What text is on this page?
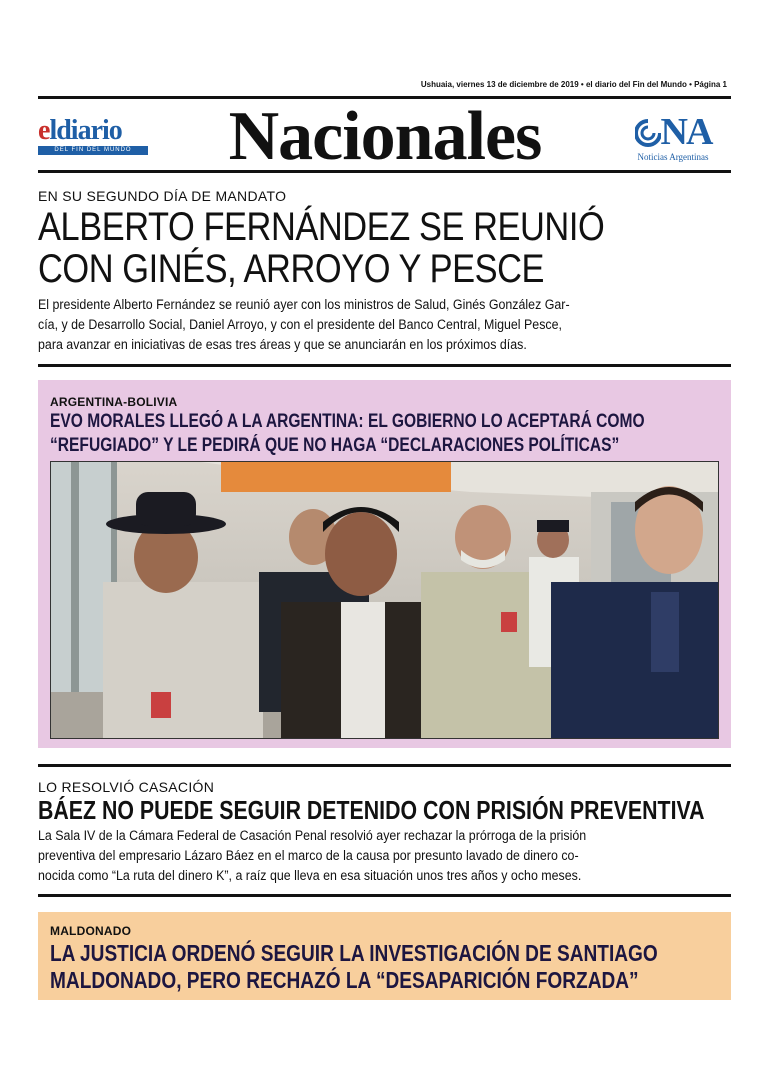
Ushuaia, viernes 13 de diciembre de 2019 • el diario del Fin del Mundo • Página 1
eldiario
DEL FIN DEL MUNDO	Nacionales	NA
Noticias Argentinas
EN SU SEGUNDO DÍA DE MANDATO
ALBERTO FERNÁNDEZ SE REUNIÓ
CON GINÉS, ARROYO Y PESCE
El presidente Alberto Fernández se reunió ayer con los ministros de Salud, Ginés González Gar-
cía, y de Desarrollo Social, Daniel Arroyo, y con el presidente del Banco Central, Miguel Pesce,
para avanzar en iniciativas de esas tres áreas y que se anunciarán en los próximos días.
ARGENTINA-BOLIVIA
EVO MORALES LLEGÓ A LA ARGENTINA: EL GOBIERNO LO ACEPTARÁ COMO
“REFUGIADO” Y LE PEDIRÁ QUE NO HAGA “DECLARACIONES POLÍTICAS”
LO RESOLVIÓ CASACIÓN
BÁEZ NO PUEDE SEGUIR DETENIDO CON PRISIÓN PREVENTIVA
La Sala IV de la Cámara Federal de Casación Penal resolvió ayer rechazar la prórroga de la prisión
preventiva del empresario Lázaro Báez en el marco de la causa por presunto lavado de dinero co-
nocida como “La ruta del dinero K”, a raíz que lleva en esa situación unos tres años y ocho meses.
MALDONADO
LA JUSTICIA ORDENÓ SEGUIR LA INVESTIGACIÓN DE SANTIAGO
MALDONADO, PERO RECHAZÓ LA “DESAPARICIÓN FORZADA”
